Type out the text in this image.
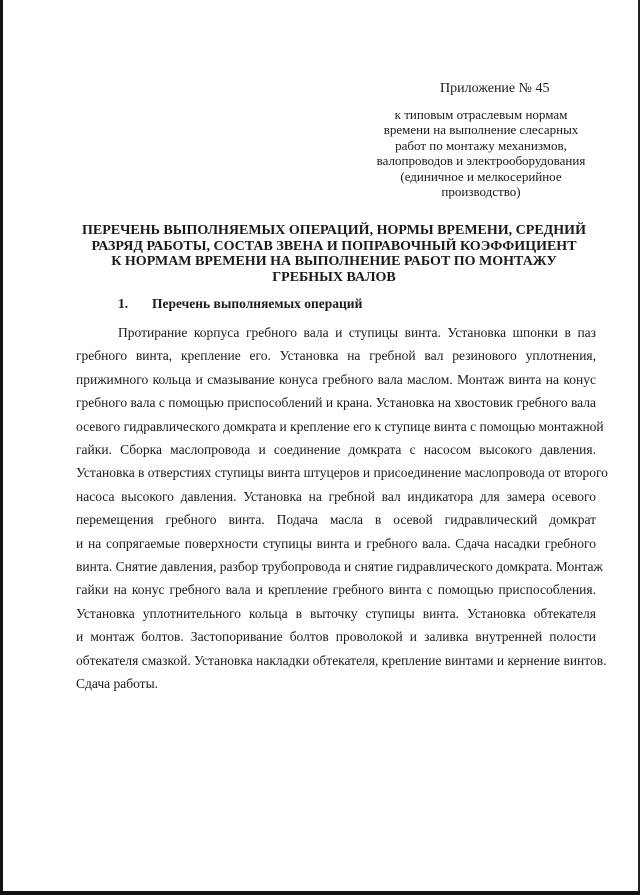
Приложение № 45
к типовым отраслевым нормам
времени на выполнение слесарных
работ по монтажу механизмов,
валопроводов и электрооборудования
(единичное и мелкосерийное
производство)
ПЕРЕЧЕНЬ ВЫПОЛНЯЕМЫХ ОПЕРАЦИЙ, НОРМЫ ВРЕМЕНИ, СРЕДНИЙ
РАЗРЯД РАБОТЫ, СОСТАВ ЗВЕНА И ПОПРАВОЧНЫЙ КОЭФФИЦИЕНТ
К НОРМАМ ВРЕМЕНИ НА ВЫПОЛНЕНИЕ РАБОТ ПО МОНТАЖУ
ГРЕБНЫХ ВАЛОВ
1. Перечень выполняемых операций
Протирание корпуса гребного вала и ступицы винта. Установка шпонки в паз
гребного винта, крепление его. Установка на гребной вал резинового уплотнения,
прижимного кольца и смазывание конуса гребного вала маслом. Монтаж винта на конус
гребного вала с помощью приспособлений и крана. Установка на хвостовик гребного вала
осевого гидравлического домкрата и крепление его к ступице винта с помощью монтажной
гайки. Сборка маслопровода и соединение домкрата с насосом высокого давления.
Установка в отверстиях ступицы винта штуцеров и присоединение маслопровода от второго
насоса высокого давления. Установка на гребной вал индикатора для замера осевого
перемещения гребного винта. Подача масла в осевой гидравлический домкрат
и на сопрягаемые поверхности ступицы винта и гребного вала. Сдача насадки гребного
винта. Снятие давления, разбор трубопровода и снятие гидравлического домкрата. Монтаж
гайки на конус гребного вала и крепление гребного винта с помощью приспособления.
Установка уплотнительного кольца в выточку ступицы винта. Установка обтекателя
и монтаж болтов. Застопоривание болтов проволокой и заливка внутренней полости
обтекателя смазкой. Установка накладки обтекателя, крепление винтами и кернение винтов.
Сдача работы.
